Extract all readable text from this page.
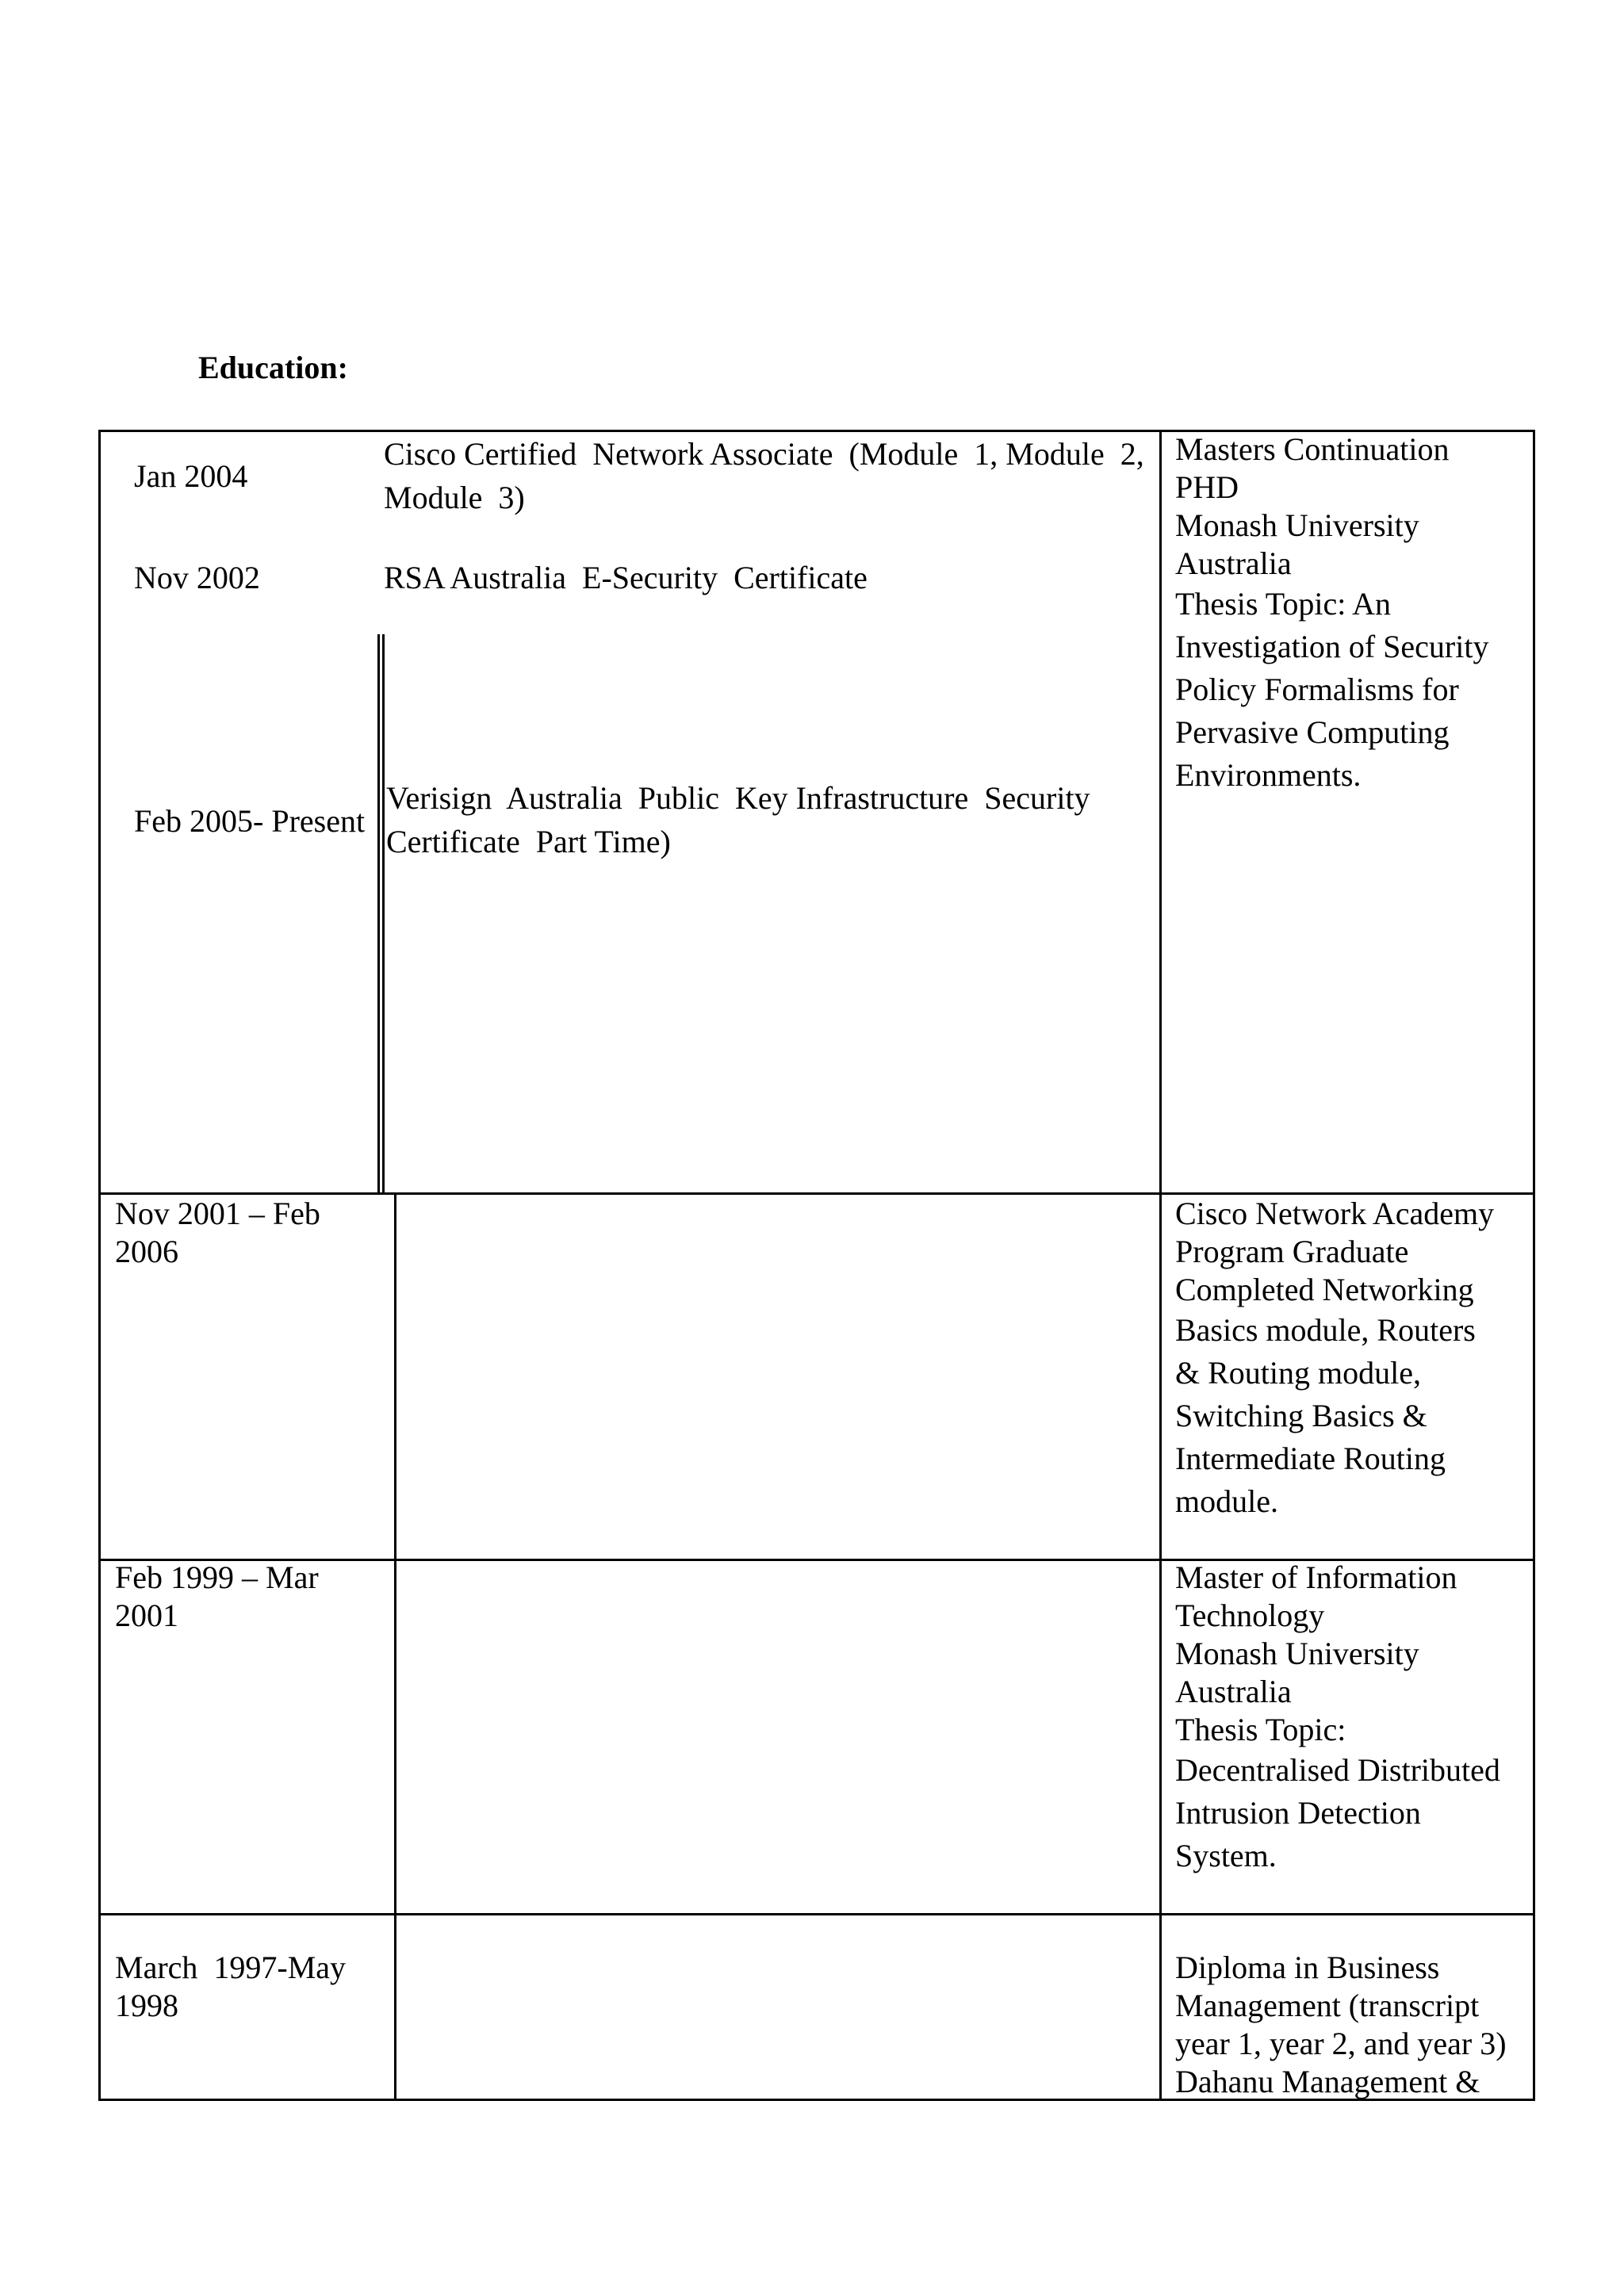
Education:
Jan 2004
Cisco Certified  Network Associate  (Module  1, Module  2,
Module  3)
Nov 2002	RSA Australia  E-Security  Certificate
Feb 2005- Present
Verisign  Australia  Public  Key Infrastructure  Security
Certificate  Part Time)
Masters Continuation
PHD
Monash University
Australia
Thesis Topic: An
Investigation of Security
Policy Formalisms for
Pervasive Computing
Environments.
Nov 2001 – Feb
2006
Cisco Network Academy
Program Graduate
Completed Networking
Basics module, Routers
& Routing module,
Switching Basics &
Intermediate Routing
module.
Feb 1999 – Mar
2001
Master of Information
Technology
Monash University
Australia
Thesis Topic:
Decentralised Distributed
Intrusion Detection
System.
March  1997-May
1998
Diploma in Business
Management (transcript
year 1, year 2, and year 3)
Dahanu Management &
